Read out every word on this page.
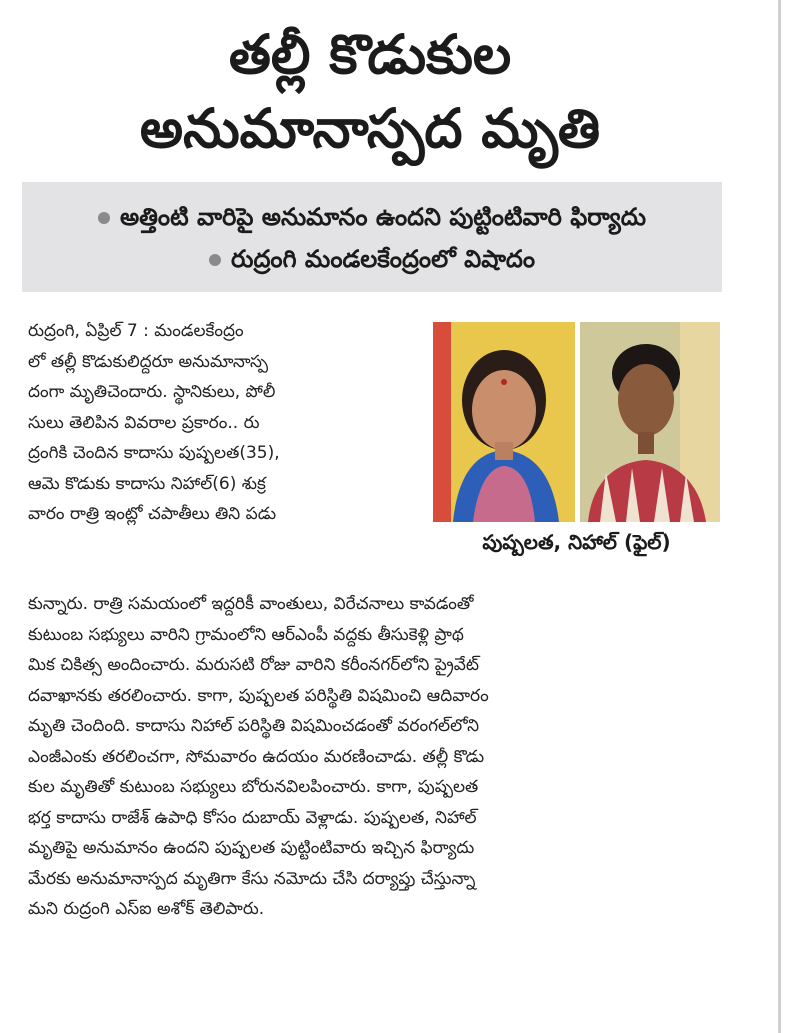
తల్లీ కొడుకుల
అనుమానాస్పద మృతి
అత్తింటి వారిపై అనుమానం ఉందని పుట్టింటివారి ఫిర్యాదు
రుద్రంగి మండలకేంద్రంలో విషాదం
రుద్రంగి, ఏప్రిల్ 7 : మండలకేంద్రం
లో తల్లీ కొడుకులిద్దరూ అనుమానాస్ప
దంగా మృతిచెందారు. స్థానికులు, పోలీ
సులు తెలిపిన వివరాల ప్రకారం.. రు
ద్రంగికి చెందిన కాదాసు పుష్పలత(35),
ఆమె కొడుకు కాదాసు నిహాల్(6) శుక్ర
వారం రాత్రి ఇంట్లో చపాతీలు తిని పడు
పుష్పలత, నిహాల్ (ఫైల్)
కున్నారు. రాత్రి సమయంలో ఇద్దరికీ వాంతులు, విరేచనాలు కావడంతో
కుటుంబ సభ్యులు వారిని గ్రామంలోని ఆర్ఎంపీ వద్దకు తీసుకెళ్లి ప్రాథ
మిక చికిత్స అందించారు. మరుసటి రోజు వారిని కరీంనగర్‌లోని ప్రైవేట్
దవాఖానకు తరలించారు. కాగా, పుష్పలత పరిస్థితి విషమించి ఆదివారం
మృతి చెందింది. కాదాసు నిహాల్ పరిస్థితి విషమించడంతో వరంగల్‌లోని
ఎంజీఎంకు తరలించగా, సోమవారం ఉదయం మరణించాడు. తల్లీ కొడు
కుల మృతితో కుటుంబ సభ్యులు బోరునవిలపించారు. కాగా, పుష్పలత
భర్త కాదాసు రాజేశ్ ఉపాధి కోసం దుబాయ్ వెళ్లాడు. పుష్పలత, నిహాల్
మృతిపై అనుమానం ఉందని పుష్పలత పుట్టింటివారు ఇచ్చిన ఫిర్యాదు
మేరకు అనుమానాస్పద మృతిగా కేసు నమోదు చేసి దర్యాప్తు చేస్తున్నా
మని రుద్రంగి ఎస్ఐ అశోక్ తెలిపారు.
